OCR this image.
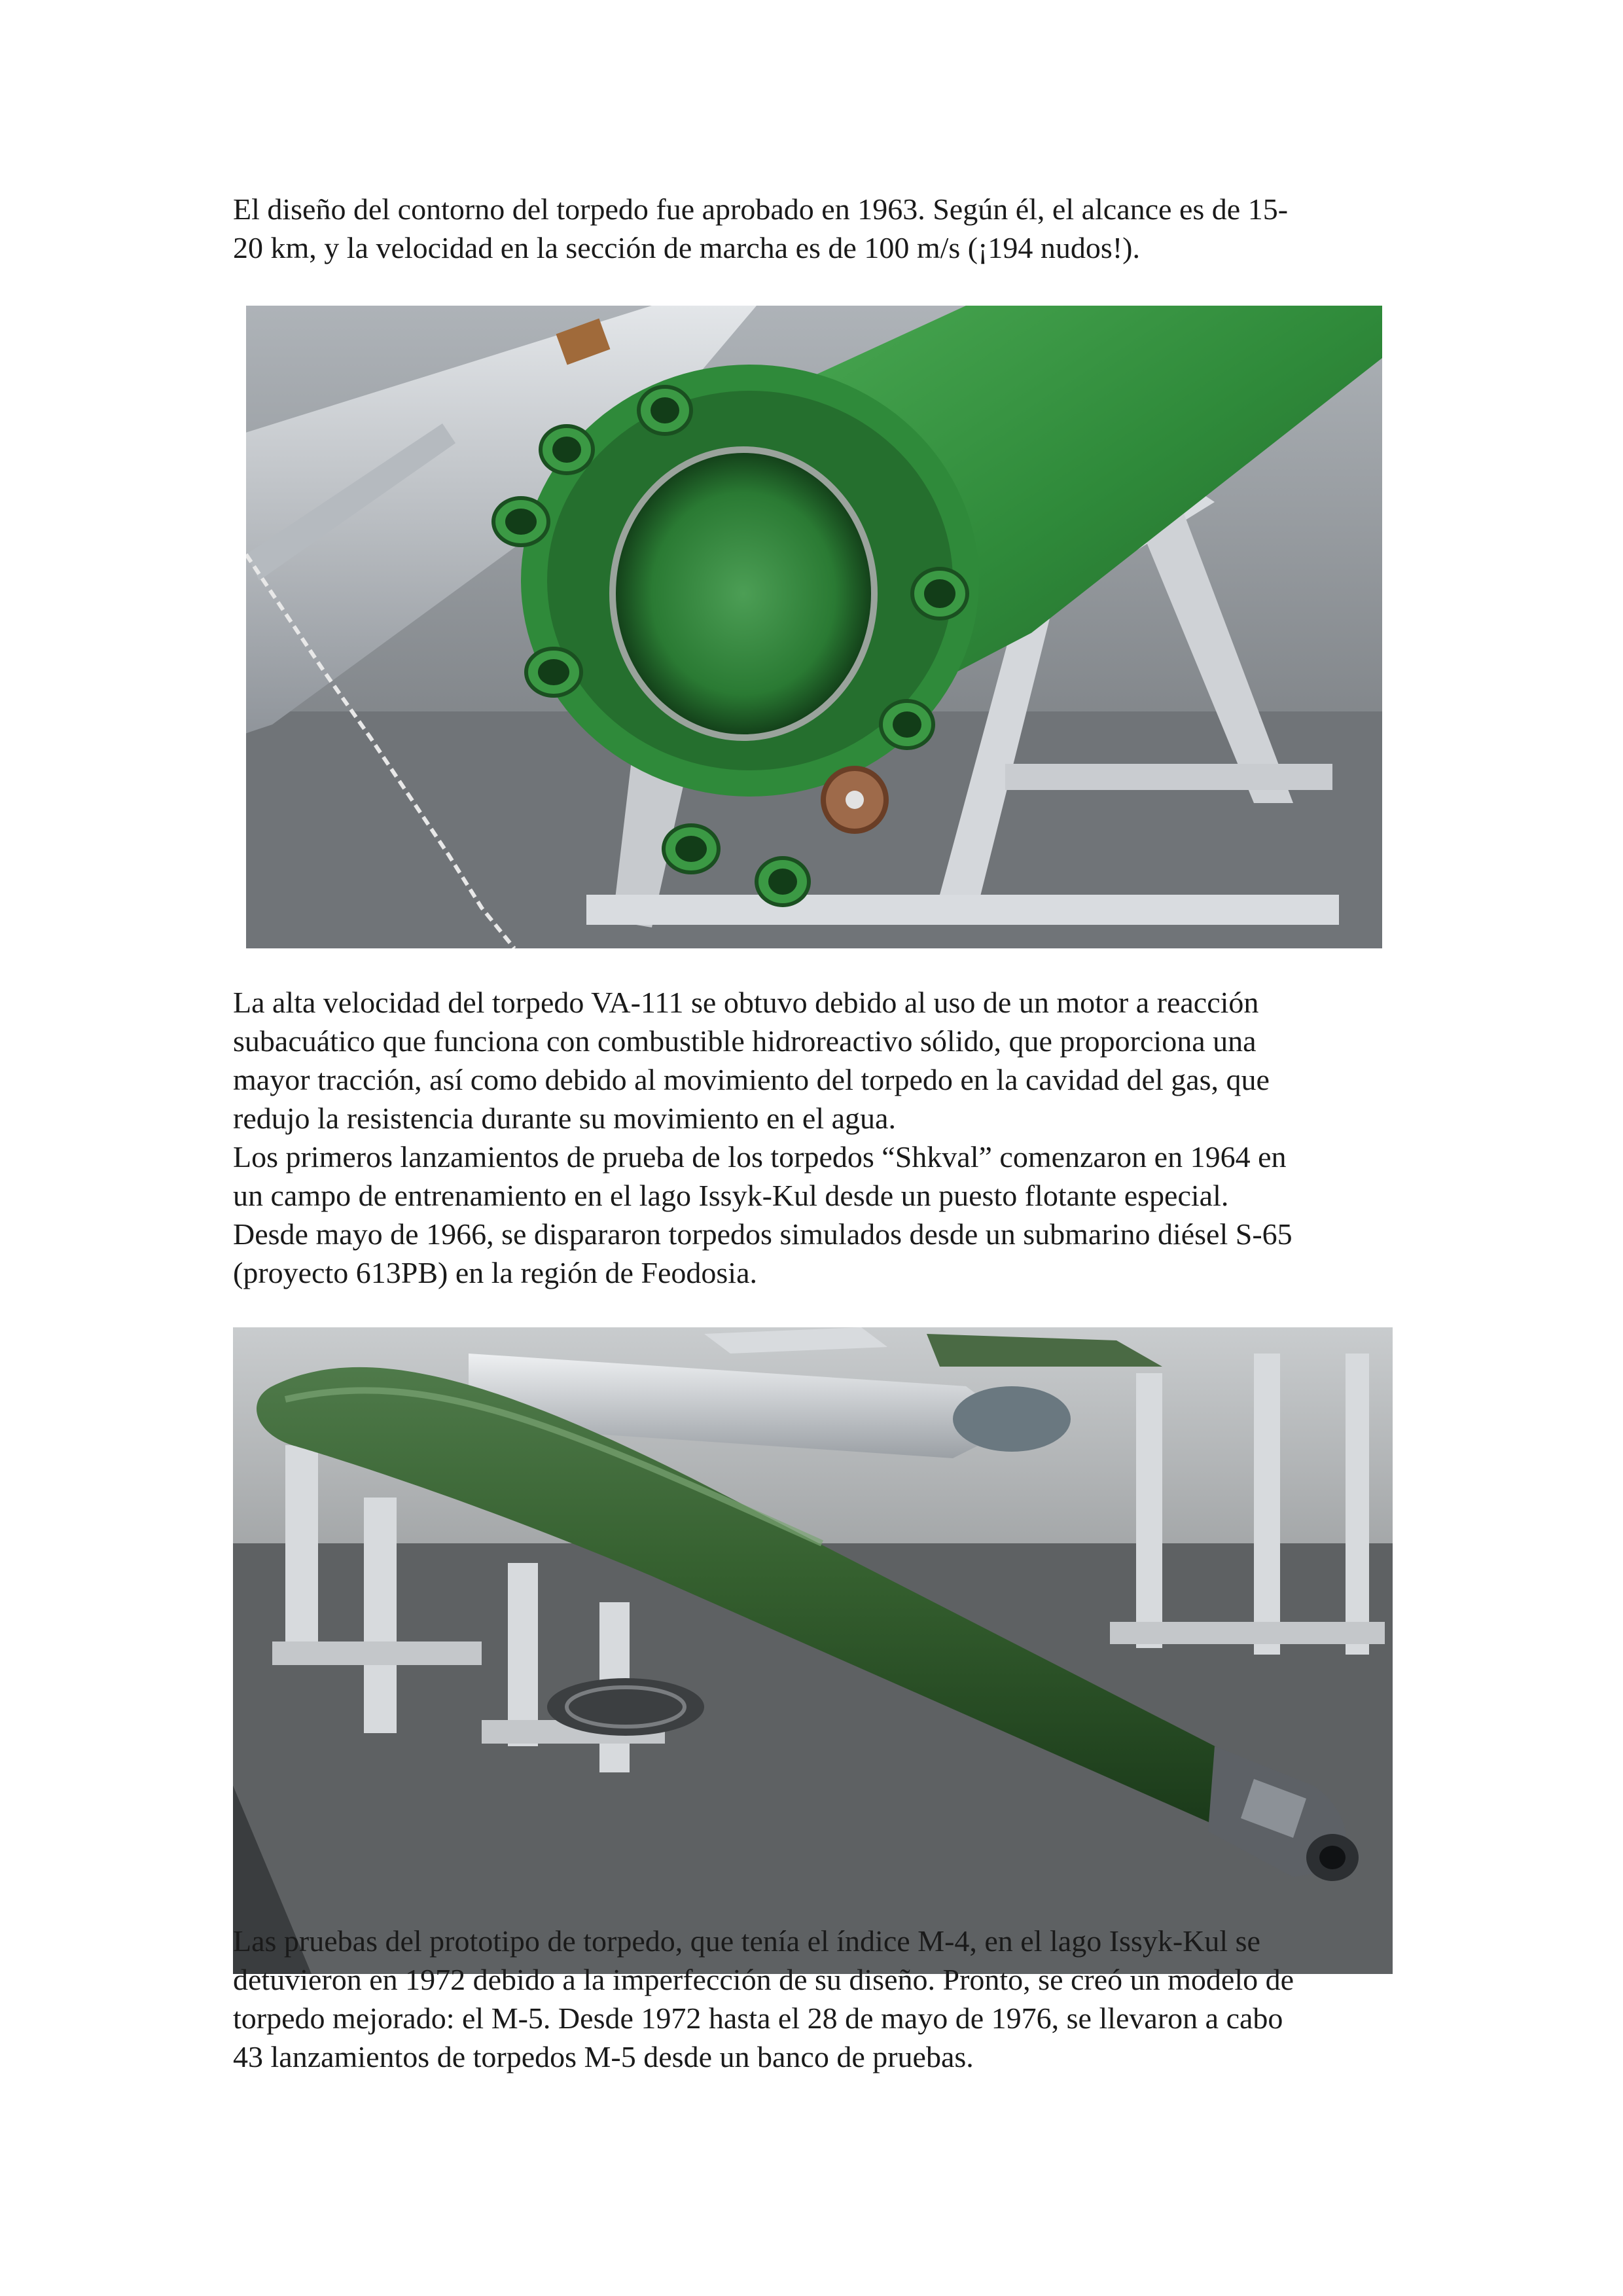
El diseño del contorno del torpedo fue aprobado en 1963. Según él, el alcance es de 15-
20 km, y la velocidad en la sección de marcha es de 100 m/s (¡194 nudos!).
La alta velocidad del torpedo VA-111 se obtuvo debido al uso de un motor a reacción
subacuático que funciona con combustible hidroreactivo sólido, que proporciona una
mayor tracción, así como debido al movimiento del torpedo en la cavidad del gas, que
redujo la resistencia durante su movimiento en el agua.
Los primeros lanzamientos de prueba de los torpedos “Shkval” comenzaron en 1964 en
un campo de entrenamiento en el lago Issyk-Kul desde un puesto flotante especial.
Desde mayo de 1966, se dispararon torpedos simulados desde un submarino diésel S-65
(proyecto 613PB) en la región de Feodosia.
Las pruebas del prototipo de torpedo, que tenía el índice M-4, en el lago Issyk-Kul se
detuvieron en 1972 debido a la imperfección de su diseño. Pronto, se creó un modelo de
torpedo mejorado: el M-5. Desde 1972 hasta el 28 de mayo de 1976, se llevaron a cabo
43 lanzamientos de torpedos M-5 desde un banco de pruebas.
